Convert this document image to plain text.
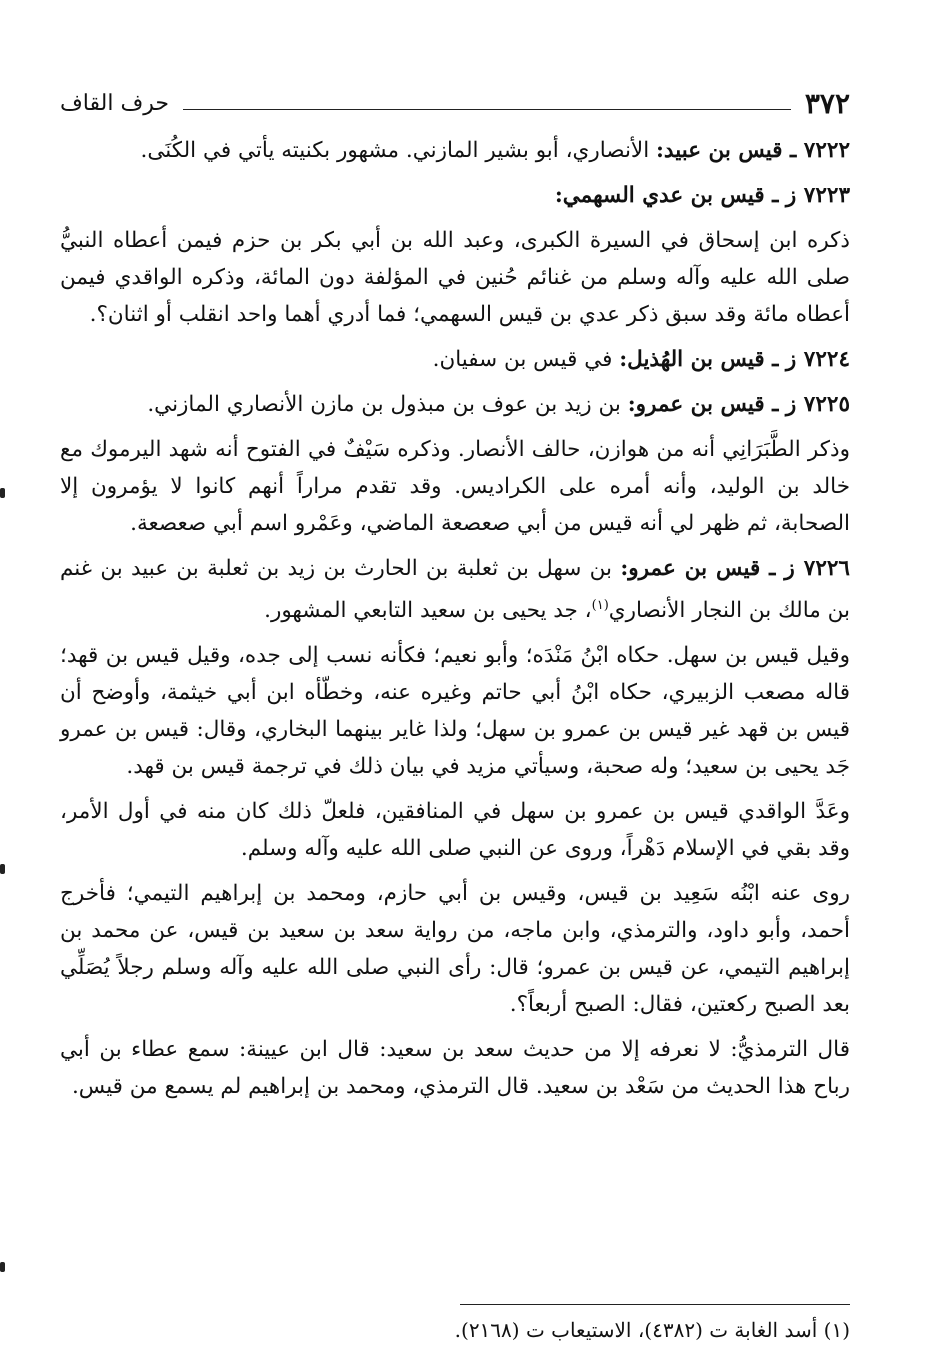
٣٧٢
حرف القاف

٧٢٢٢ ـ قيس بن عبيد: الأنصاري، أبو بشير المازني. مشهور بكنيته يأتي في الكُنَى.

٧٢٢٣ ز ـ قيس بن عدي السهمي:

ذكره ابن إسحاق في السيرة الكبرى، وعبد الله بن أبي بكر بن حزم فيمن أعطاه النبيُّ صلى الله عليه وآله وسلم من غنائم حُنين في المؤلفة دون المائة، وذكره الواقدي فيمن أعطاه مائة وقد سبق ذكر عدي بن قيس السهمي؛ فما أدري أهما واحد انقلب أو اثنان؟.

٧٢٢٤ ز ـ قيس بن الهُذيل: في قيس بن سفيان.

٧٢٢٥ ز ـ قيس بن عمرو: بن زيد بن عوف بن مبذول بن مازن الأنصاري المازني.

وذكر الطَّبَرَانِي أنه من هوازن، حالف الأنصار. وذكره سَيْفٌ في الفتوح أنه شهد اليرموك مع خالد بن الوليد، وأنه أمره على الكراديس. وقد تقدم مراراً أنهم كانوا لا يؤمرون إلا الصحابة، ثم ظهر لي أنه قيس من أبي صعصعة الماضي، وعَمْرو اسم أبي صعصعة.

٧٢٢٦ ز ـ قيس بن عمرو: بن سهل بن ثعلبة بن الحارث بن زيد بن ثعلبة بن عبيد بن غنم بن مالك بن النجار الأنصاري$^{(١)}$، جد يحيى بن سعيد التابعي المشهور.

وقيل قيس بن سهل. حكاه ابْنُ مَنْدَه؛ وأبو نعيم؛ فكأنه نسب إلى جده، وقيل قيس بن قهد؛ قاله مصعب الزبيري، حكاه ابْنُ أبي حاتم وغيره عنه، وخطّأه ابن أبي خيثمة، وأوضح أن قيس بن قهد غير قيس بن عمرو بن سهل؛ ولذا غاير بينهما البخاري، وقال: قيس بن عمرو جَد يحيى بن سعيد؛ وله صحبة، وسيأتي مزيد في بيان ذلك في ترجمة قيس بن قهد.

وعَدَّ الواقدي قيس بن عمرو بن سهل في المنافقين، فلعلّ ذلك كان منه في أول الأمر، وقد بقي في الإسلام دَهْراً، وروى عن النبي صلى الله عليه وآله وسلم.

روى عنه ابْنُه سَعِيد بن قيس، وقيس بن أبي حازم، ومحمد بن إبراهيم التيمي؛ فأخرج أحمد، وأبو داود، والترمذي، وابن ماجه، من رواية سعد بن سعيد بن قيس، عن محمد بن إبراهيم التيمي، عن قيس بن عمرو؛ قال: رأى النبي صلى الله عليه وآله وسلم رجلاً يُصَلِّي بعد الصبح ركعتين، فقال: الصبح أربعاً؟.

قال الترمذيُّ: لا نعرفه إلا من حديث سعد بن سعيد: قال ابن عيينة: سمع عطاء بن أبي رباح هذا الحديث من سَعْد بن سعيد. قال الترمذي، ومحمد بن إبراهيم لم يسمع من قيس.

(١) أسد الغابة ت (٤٣٨٢)، الاستيعاب ت (٢١٦٨).
